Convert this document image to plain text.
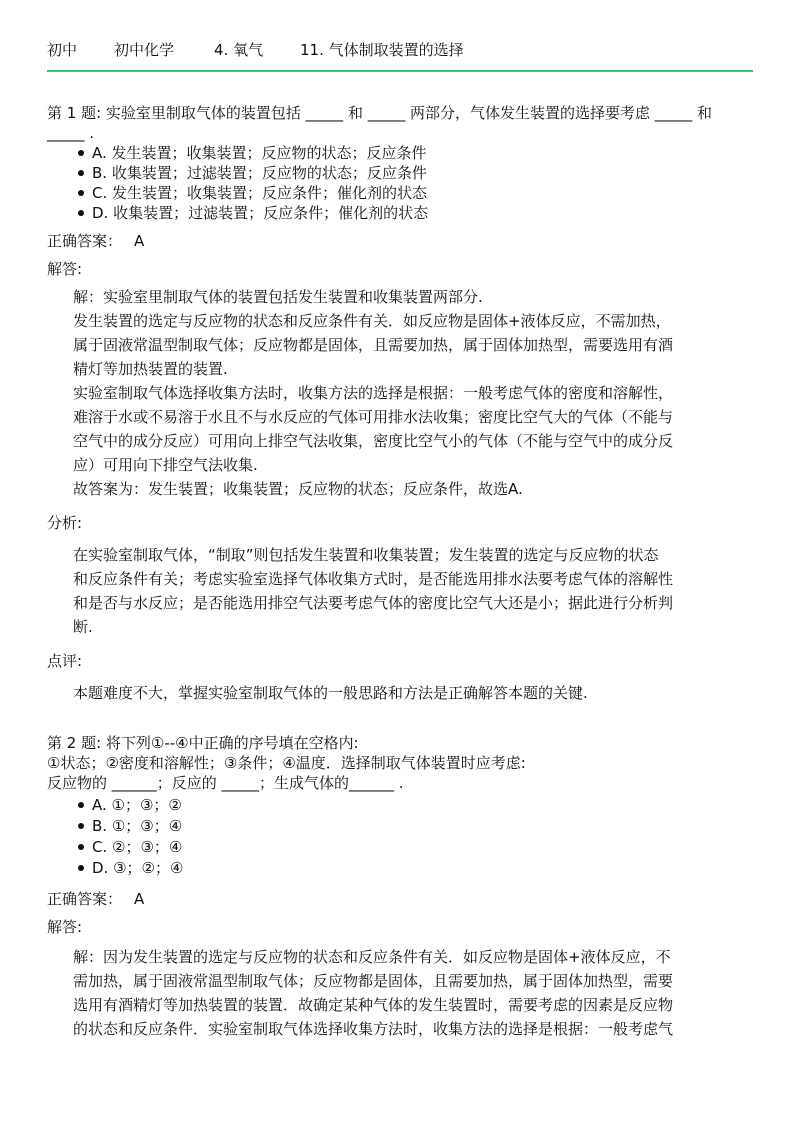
初中 初中化学	4. 氧气 11. 气体制取装置的选择
第 1 题: 实验室里制取气体的装置包括 _____ 和 _____ 两部分，气体发生装置的选择要考虑 _____ 和
_____ .
A. 发生装置；收集装置；反应物的状态；反应条件
B. 收集装置；过滤装置；反应物的状态；反应条件
C. 发生装置；收集装置；反应条件；催化剂的状态
D. 收集装置；过滤装置；反应条件；催化剂的状态
正确答案： A
解答:
解：实验室里制取气体的装置包括发生装置和收集装置两部分.
发生装置的选定与反应物的状态和反应条件有关．如反应物是固体+液体反应，不需加热，
属于固液常温型制取气体；反应物都是固体，且需要加热，属于固体加热型，需要选用有酒
精灯等加热装置的装置.
实验室制取气体选择收集方法时，收集方法的选择是根据：一般考虑气体的密度和溶解性，
难溶于水或不易溶于水且不与水反应的气体可用排水法收集；密度比空气大的气体（不能与
空气中的成分反应）可用向上排空气法收集，密度比空气小的气体（不能与空气中的成分反
应）可用向下排空气法收集.
故答案为：发生装置；收集装置；反应物的状态；反应条件，故选A.
分析:
在实验室制取气体，“制取”则包括发生装置和收集装置；发生装置的选定与反应物的状态
和反应条件有关；考虑实验室选择气体收集方式时，是否能选用排水法要考虑气体的溶解性
和是否与水反应；是否能选用排空气法要考虑气体的密度比空气大还是小；据此进行分析判
断.
点评:
本题难度不大，掌握实验室制取气体的一般思路和方法是正确解答本题的关键.
第 2 题: 将下列①--④中正确的序号填在空格内:
①状态；②密度和溶解性；③条件；④温度．选择制取气体装置时应考虑:
反应物的 ______；反应的 _____；生成气体的______ .
A. ①；③；②
B. ①；③；④
C. ②；③；④
D. ③；②；④
正确答案： A
解答:
解：因为发生装置的选定与反应物的状态和反应条件有关．如反应物是固体+液体反应，不
需加热，属于固液常温型制取气体；反应物都是固体，且需要加热，属于固体加热型，需要
选用有酒精灯等加热装置的装置．故确定某种气体的发生装置时，需要考虑的因素是反应物
的状态和反应条件．实验室制取气体选择收集方法时，收集方法的选择是根据：一般考虑气
